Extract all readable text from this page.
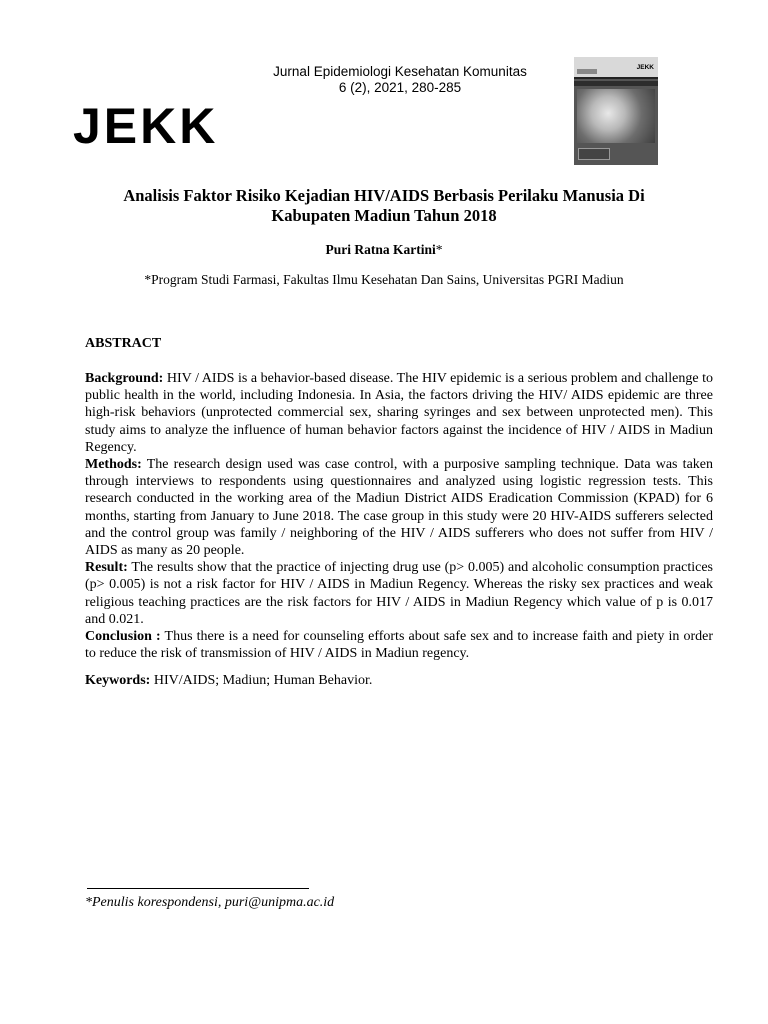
Jurnal Epidemiologi Kesehatan Komunitas
6 (2), 2021, 280-285
JEKK
JEKK
Analisis Faktor Risiko Kejadian HIV/AIDS Berbasis Perilaku Manusia Di Kabupaten Madiun Tahun 2018
Puri Ratna Kartini*
*Program Studi Farmasi, Fakultas Ilmu Kesehatan Dan Sains, Universitas PGRI Madiun
ABSTRACT

Background: HIV / AIDS is a behavior-based disease. The HIV epidemic is a serious problem and challenge to public health in the world, including Indonesia. In Asia, the factors driving the HIV/ AIDS epidemic are three high-risk behaviors (unprotected commercial sex, sharing syringes and sex between unprotected men). This study aims to analyze the influence of human behavior factors against the incidence of HIV / AIDS in Madiun Regency.

Methods: The research design used was case control, with a purposive sampling technique. Data was taken through interviews to respondents using questionnaires and analyzed using logistic regression tests. This research conducted in the working area of the Madiun District AIDS Eradication Commission (KPAD) for 6 months, starting from January to June 2018. The case group in this study were 20 HIV-AIDS sufferers selected and the control group was family / neighboring of the HIV / AIDS sufferers who does not suffer from HIV / AIDS as many as 20 people.

Result: The results show that the practice of injecting drug use (p> 0.005) and alcoholic consumption practices (p> 0.005) is not a risk factor for HIV / AIDS in Madiun Regency. Whereas the risky sex practices and weak religious teaching practices are the risk factors for HIV / AIDS in Madiun Regency which value of p is 0.017 and 0.021.

Conclusion : Thus there is a need for counseling efforts about safe sex and to increase faith and piety in order to reduce the risk of transmission of HIV / AIDS in Madiun regency.

Keywords: HIV/AIDS; Madiun; Human Behavior.
*Penulis korespondensi, puri@unipma.ac.id
